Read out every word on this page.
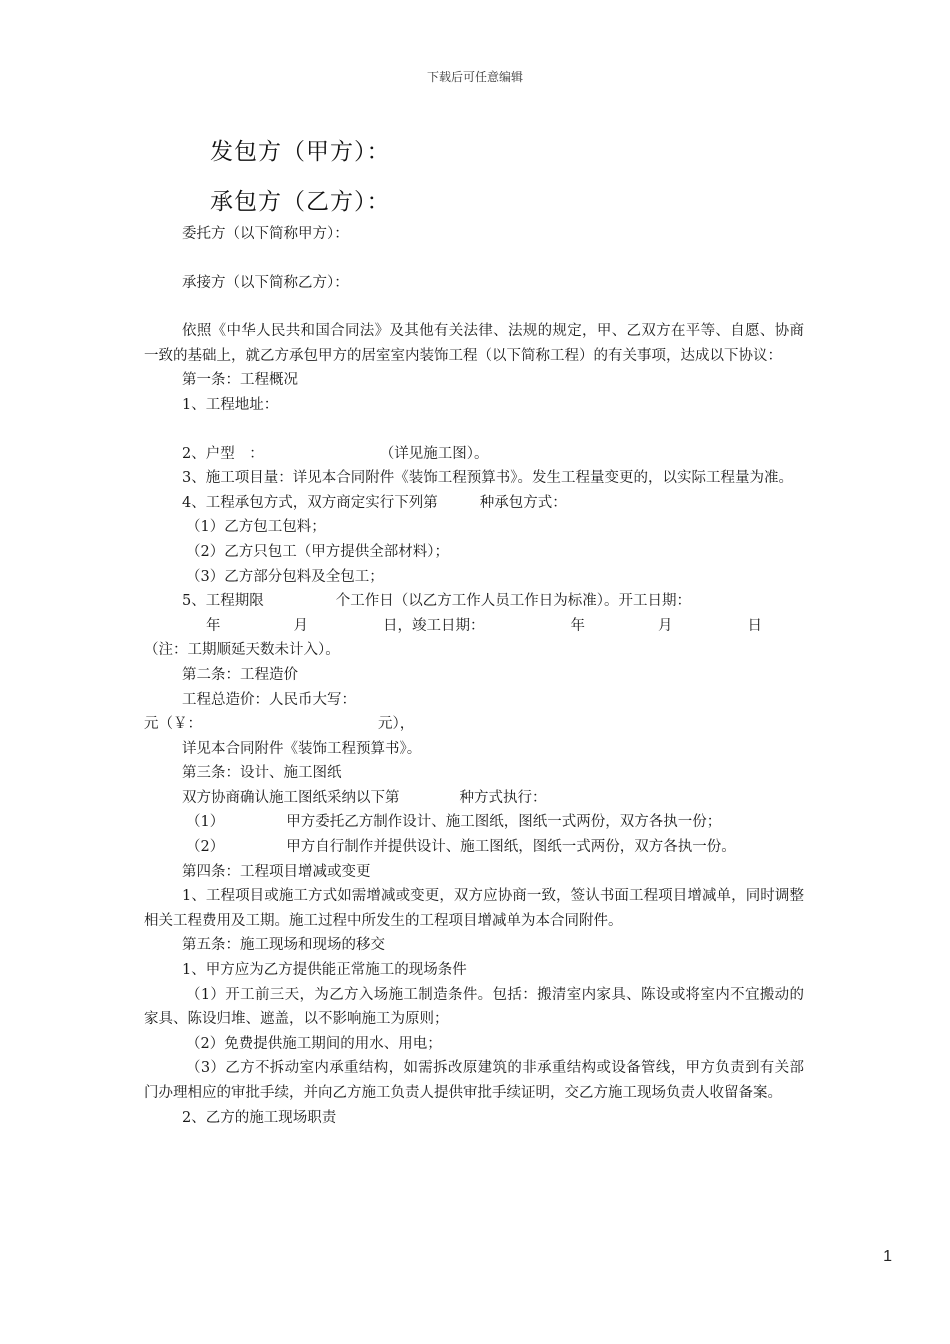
下载后可任意编辑
发包方（甲方）：
承包方（乙方）：

委托方（以下简称甲方）：

承接方（以下简称乙方）：

依照《中华人民共和国合同法》及其他有关法律、法规的规定，甲、乙双方在平等、自愿、协商一致的基础上，就乙方承包甲方的居室室内装饰工程（以下简称工程）的有关事项，达成以下协议：

第一条：工程概况

1、工程地址：

2、户型　：	（详见施工图）。

3、施工项目量：详见本合同附件《装饰工程预算书》。发生工程量变更的，以实际工程量为准。

4、工程承包方式，双方商定实行下列第	种承包方式：

（1）乙方包工包料；

（2）乙方只包工（甲方提供全部材料）；

（3）乙方部分包料及全包工；

5、工程期限	个工作日（以乙方工作人员工作日为标准）。开工日期：

年	月	日，竣工日期：	年	月	日

（注：工期顺延天数未计入）。

第二条：工程造价

工程总造价：人民币大写：

元（￥：	元），

详见本合同附件《装饰工程预算书》。

第三条：设计、施工图纸

双方协商确认施工图纸采纳以下第	种方式执行：

（1）	甲方委托乙方制作设计、施工图纸，图纸一式两份，双方各执一份；

（2）	甲方自行制作并提供设计、施工图纸，图纸一式两份，双方各执一份。

第四条：工程项目增减或变更

1、工程项目或施工方式如需增减或变更，双方应协商一致，签认书面工程项目增减单，同时调整相关工程费用及工期。施工过程中所发生的工程项目增减单为本合同附件。

第五条：施工现场和现场的移交

1、甲方应为乙方提供能正常施工的现场条件

（1）开工前三天，为乙方入场施工制造条件。包括：搬清室内家具、陈设或将室内不宜搬动的家具、陈设归堆、遮盖，以不影响施工为原则；

（2）免费提供施工期间的用水、用电；

（3）乙方不拆动室内承重结构，如需拆改原建筑的非承重结构或设备管线，甲方负责到有关部门办理相应的审批手续，并向乙方施工负责人提供审批手续证明，交乙方施工现场负责人收留备案。

2、乙方的施工现场职责

1
